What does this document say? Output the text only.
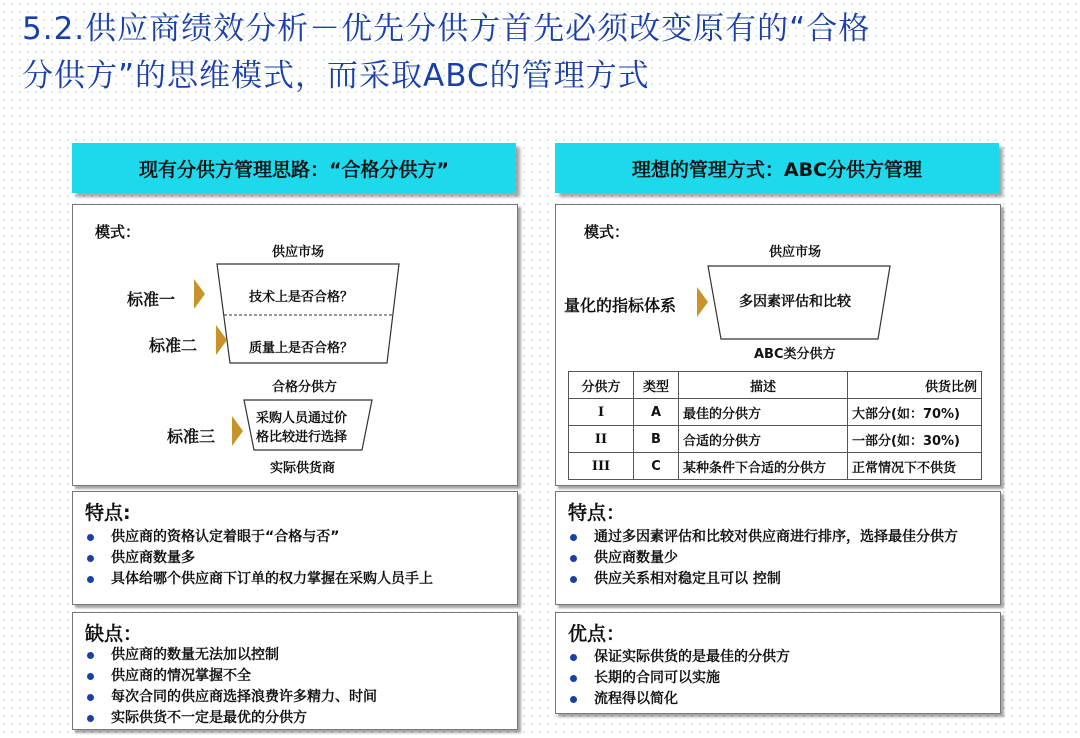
5.2.供应商绩效分析－优先分供方首先必须改变原有的“合格
分供方”的思维模式，而采取ABC的管理方式
现有分供方管理思路：“合格分供方”	理想的管理方式：ABC分供方管理
模式：
供应市场
标准一	技术上是否合格？
标准二	质量上是否合格？
合格分供方
标准三
采购人员通过价
格比较进行选择
实际供货商
特点:
供应商的资格认定着眼于“合格与否”
供应商数量多
具体给哪个供应商下订单的权力掌握在采购人员手上
缺点：
供应商的数量无法加以控制
供应商的情况掌握不全
每次合同的供应商选择浪费许多精力、时间
实际供货不一定是最优的分供方
模式：
供应市场
量化的指标体系	多因素评估和比较
ABC类分供方
分供方	类型	描述	供货比例
I	A	最佳的分供方	大部分(如：70%)
II	B	合适的分供方	一部分(如：30%)
III	C	某种条件下合适的分供方	正常情况下不供货
特点：
通过多因素评估和比较对供应商进行排序，选择最佳分供方
供应商数量少
供应关系相对稳定且可以 控制
优点：
保证实际供货的是最佳的分供方
长期的合同可以实施
流程得以简化
